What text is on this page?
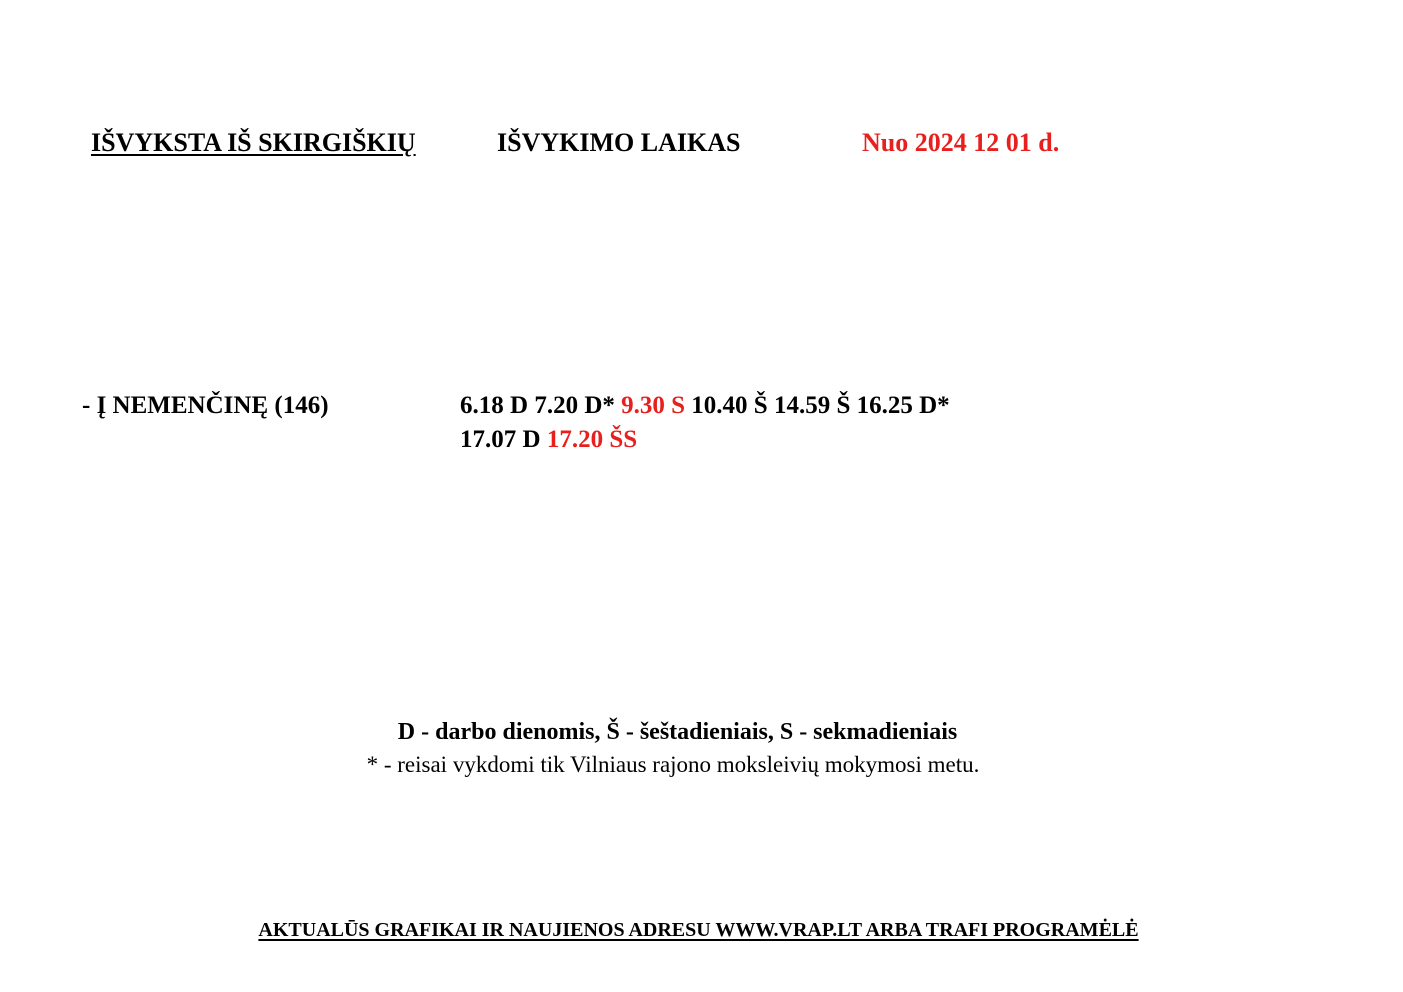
IŠVYKSTA IŠ SKIRGIŠKIŲ	IŠVYKIMO LAIKAS	Nuo 2024 12 01 d.
- Į NEMENČINĘ (146)	6.18 D 7.20 D* 9.30 S 10.40 Š 14.59 Š 16.25 D*
17.07 D 17.20 ŠS
D - darbo dienomis, Š - šeštadieniais, S - sekmadieniais
* - reisai vykdomi tik Vilniaus rajono moksleivių mokymosi metu.
AKTUALŪS GRAFIKAI IR NAUJIENOS ADRESU WWW.VRAP.LT ARBA TRAFI PROGRAMĖLĖ
